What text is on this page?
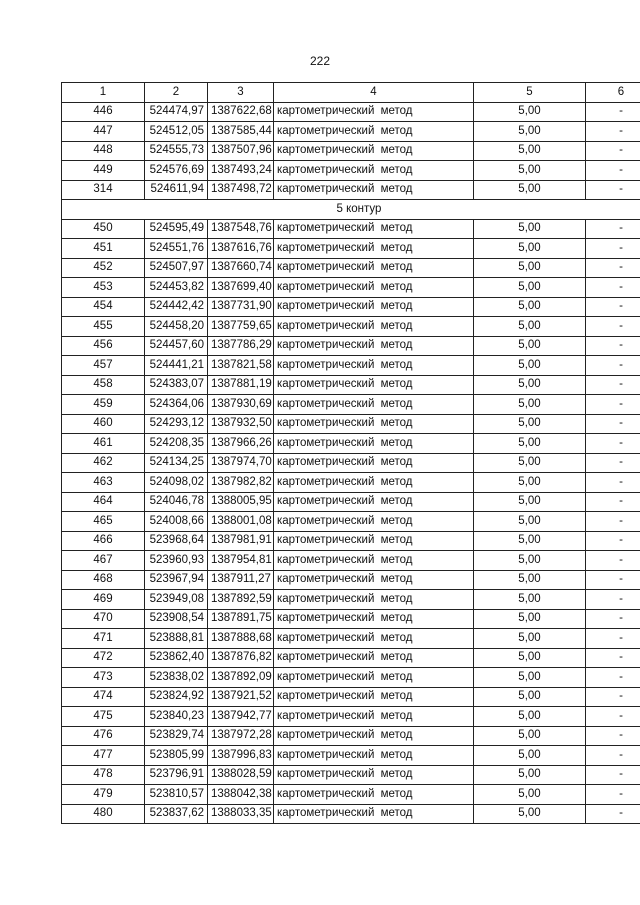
222
1	2	3	4	5	6
446	524474,97	1387622,68	картометрический метод	5,00	-
447	524512,05	1387585,44	картометрический метод	5,00	-
448	524555,73	1387507,96	картометрический метод	5,00	-
449	524576,69	1387493,24	картометрический метод	5,00	-
314	524611,94	1387498,72	картометрический метод	5,00	-
5 контур					
450	524595,49	1387548,76	картометрический метод	5,00	-
451	524551,76	1387616,76	картометрический метод	5,00	-
452	524507,97	1387660,74	картометрический метод	5,00	-
453	524453,82	1387699,40	картометрический метод	5,00	-
454	524442,42	1387731,90	картометрический метод	5,00	-
455	524458,20	1387759,65	картометрический метод	5,00	-
456	524457,60	1387786,29	картометрический метод	5,00	-
457	524441,21	1387821,58	картометрический метод	5,00	-
458	524383,07	1387881,19	картометрический метод	5,00	-
459	524364,06	1387930,69	картометрический метод	5,00	-
460	524293,12	1387932,50	картометрический метод	5,00	-
461	524208,35	1387966,26	картометрический метод	5,00	-
462	524134,25	1387974,70	картометрический метод	5,00	-
463	524098,02	1387982,82	картометрический метод	5,00	-
464	524046,78	1388005,95	картометрический метод	5,00	-
465	524008,66	1388001,08	картометрический метод	5,00	-
466	523968,64	1387981,91	картометрический метод	5,00	-
467	523960,93	1387954,81	картометрический метод	5,00	-
468	523967,94	1387911,27	картометрический метод	5,00	-
469	523949,08	1387892,59	картометрический метод	5,00	-
470	523908,54	1387891,75	картометрический метод	5,00	-
471	523888,81	1387888,68	картометрический метод	5,00	-
472	523862,40	1387876,82	картометрический метод	5,00	-
473	523838,02	1387892,09	картометрический метод	5,00	-
474	523824,92	1387921,52	картометрический метод	5,00	-
475	523840,23	1387942,77	картометрический метод	5,00	-
476	523829,74	1387972,28	картометрический метод	5,00	-
477	523805,99	1387996,83	картометрический метод	5,00	-
478	523796,91	1388028,59	картометрический метод	5,00	-
479	523810,57	1388042,38	картометрический метод	5,00	-
480	523837,62	1388033,35	картометрический метод	5,00	-
